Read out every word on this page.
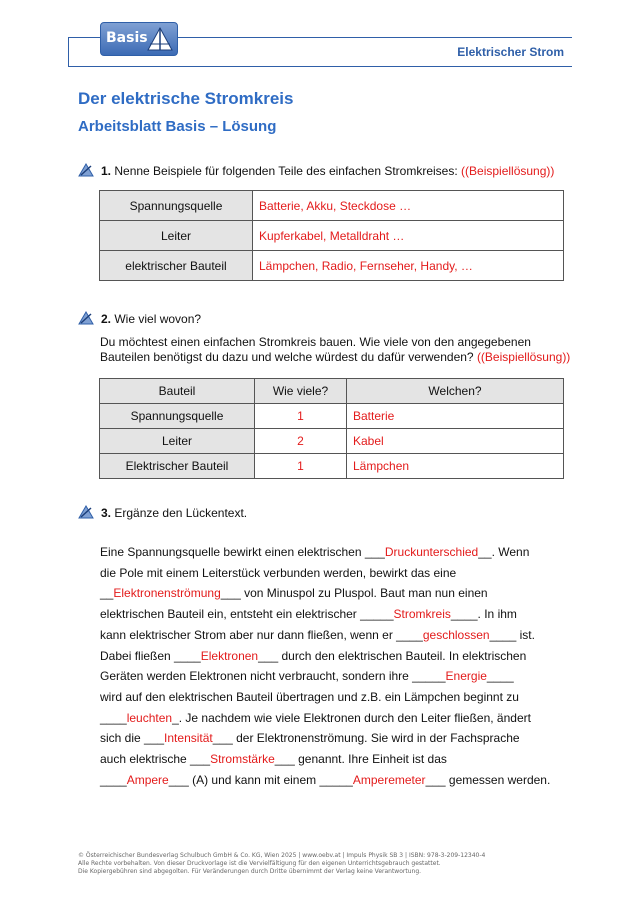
Basis
Elektrischer Strom
Der elektrische Stromkreis
Arbeitsblatt Basis – Lösung
1. Nenne Beispiele für folgenden Teile des einfachen Stromkreises: ((Beispiellösung))
Spannungsquelle	Batterie, Akku, Steckdose …
Leiter	Kupferkabel, Metalldraht …
elektrischer Bauteil	Lämpchen, Radio, Fernseher, Handy, …
2. Wie viel wovon?
Du möchtest einen einfachen Stromkreis bauen. Wie viele von den angegebenen
Bauteilen benötigst du dazu und welche würdest du dafür verwenden? ((Beispiellösung))
Bauteil	Wie viele?	Welchen?
Spannungsquelle	1	Batterie
Leiter	2	Kabel
Elektrischer Bauteil	1	Lämpchen
3. Ergänze den Lückentext.
Eine Spannungsquelle bewirkt einen elektrischen ___Druckunterschied__. Wenn
die Pole mit einem Leiterstück verbunden werden, bewirkt das eine
__Elektronenströmung___ von Minuspol zu Pluspol. Baut man nun einen
elektrischen Bauteil ein, entsteht ein elektrischer _____Stromkreis____. In ihm
kann elektrischer Strom aber nur dann fließen, wenn er ____geschlossen____ ist.
Dabei fließen ____Elektronen___ durch den elektrischen Bauteil. In elektrischen
Geräten werden Elektronen nicht verbraucht, sondern ihre _____Energie____
wird auf den elektrischen Bauteil übertragen und z.B. ein Lämpchen beginnt zu
____leuchten_. Je nachdem wie viele Elektronen durch den Leiter fließen, ändert
sich die ___Intensität___ der Elektronenströmung. Sie wird in der Fachsprache
auch elektrische ___Stromstärke___ genannt. Ihre Einheit ist das
____Ampere___ (A) und kann mit einem _____Amperemeter___ gemessen werden.
© Österreichischer Bundesverlag Schulbuch GmbH & Co. KG, Wien 2025 | www.oebv.at | Impuls Physik SB 3 | ISBN: 978-3-209-12340-4
Alle Rechte vorbehalten. Von dieser Druckvorlage ist die Vervielfältigung für den eigenen Unterrichtsgebrauch gestattet.
Die Kopiergebühren sind abgegolten. Für Veränderungen durch Dritte übernimmt der Verlag keine Verantwortung.
